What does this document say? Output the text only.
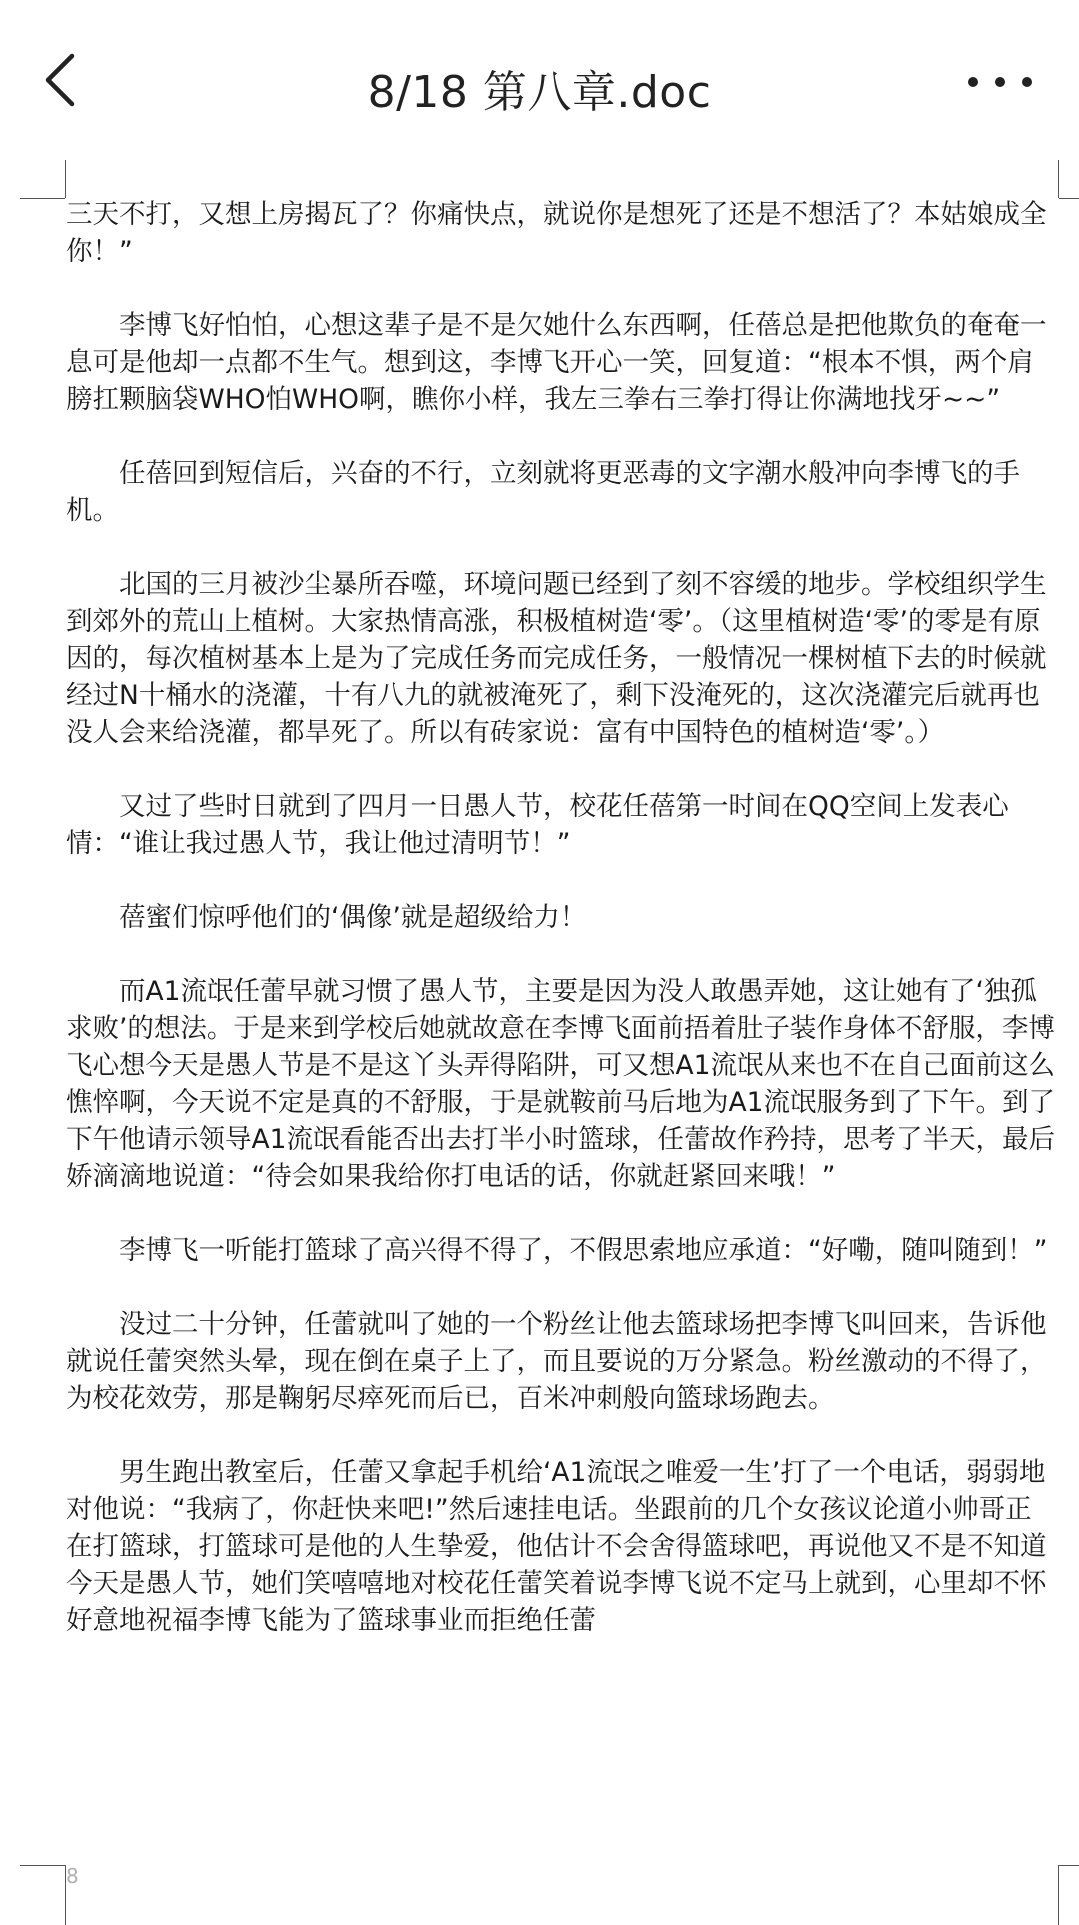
8/18 第八章.doc

三天不打，又想上房揭瓦了？你痛快点，就说你是想死了还是不想活了？本姑娘成全你！”

李博飞好怕怕，心想这辈子是不是欠她什么东西啊，任蓓总是把他欺负的奄奄一息可是他却一点都不生气。想到这，李博飞开心一笑，回复道：“根本不惧，两个肩膀扛颗脑袋WHO怕WHO啊，瞧你小样，我左三拳右三拳打得让你满地找牙~~”

任蓓回到短信后，兴奋的不行，立刻就将更恶毒的文字潮水般冲向李博飞的手机。

北国的三月被沙尘暴所吞噬，环境问题已经到了刻不容缓的地步。学校组织学生到郊外的荒山上植树。大家热情高涨，积极植树造‘零’。（这里植树造‘零’的零是有原因的，每次植树基本上是为了完成任务而完成任务，一般情况一棵树植下去的时候就经过N十桶水的浇灌，十有八九的就被淹死了，剩下没淹死的，这次浇灌完后就再也没人会来给浇灌，都旱死了。所以有砖家说：富有中国特色的植树造‘零’。）

又过了些时日就到了四月一日愚人节，校花任蓓第一时间在QQ空间上发表心情：“谁让我过愚人节，我让他过清明节！”

蓓蜜们惊呼他们的‘偶像’就是超级给力！

而A1流氓任蕾早就习惯了愚人节，主要是因为没人敢愚弄她，这让她有了‘独孤求败’的想法。于是来到学校后她就故意在李博飞面前捂着肚子装作身体不舒服，李博飞心想今天是愚人节是不是这丫头弄得陷阱，可又想A1流氓从来也不在自己面前这么憔悴啊，今天说不定是真的不舒服，于是就鞍前马后地为A1流氓服务到了下午。到了下午他请示领导A1流氓看能否出去打半小时篮球，任蕾故作矜持，思考了半天，最后娇滴滴地说道：“待会如果我给你打电话的话，你就赶紧回来哦！”

李博飞一听能打篮球了高兴得不得了，不假思索地应承道：“好嘞，随叫随到！”

没过二十分钟，任蕾就叫了她的一个粉丝让他去篮球场把李博飞叫回来，告诉他就说任蕾突然头晕，现在倒在桌子上了，而且要说的万分紧急。粉丝激动的不得了，为校花效劳，那是鞠躬尽瘁死而后已，百米冲刺般向篮球场跑去。

男生跑出教室后，任蕾又拿起手机给‘A1流氓之唯爱一生’打了一个电话，弱弱地对他说：“我病了，你赶快来吧!”然后速挂电话。坐跟前的几个女孩议论道小帅哥正在打篮球，打篮球可是他的人生挚爱，他估计不会舍得篮球吧，再说他又不是不知道今天是愚人节，她们笑嘻嘻地对校花任蕾笑着说李博飞说不定马上就到，心里却不怀好意地祝福李博飞能为了篮球事业而拒绝任蕾

8
